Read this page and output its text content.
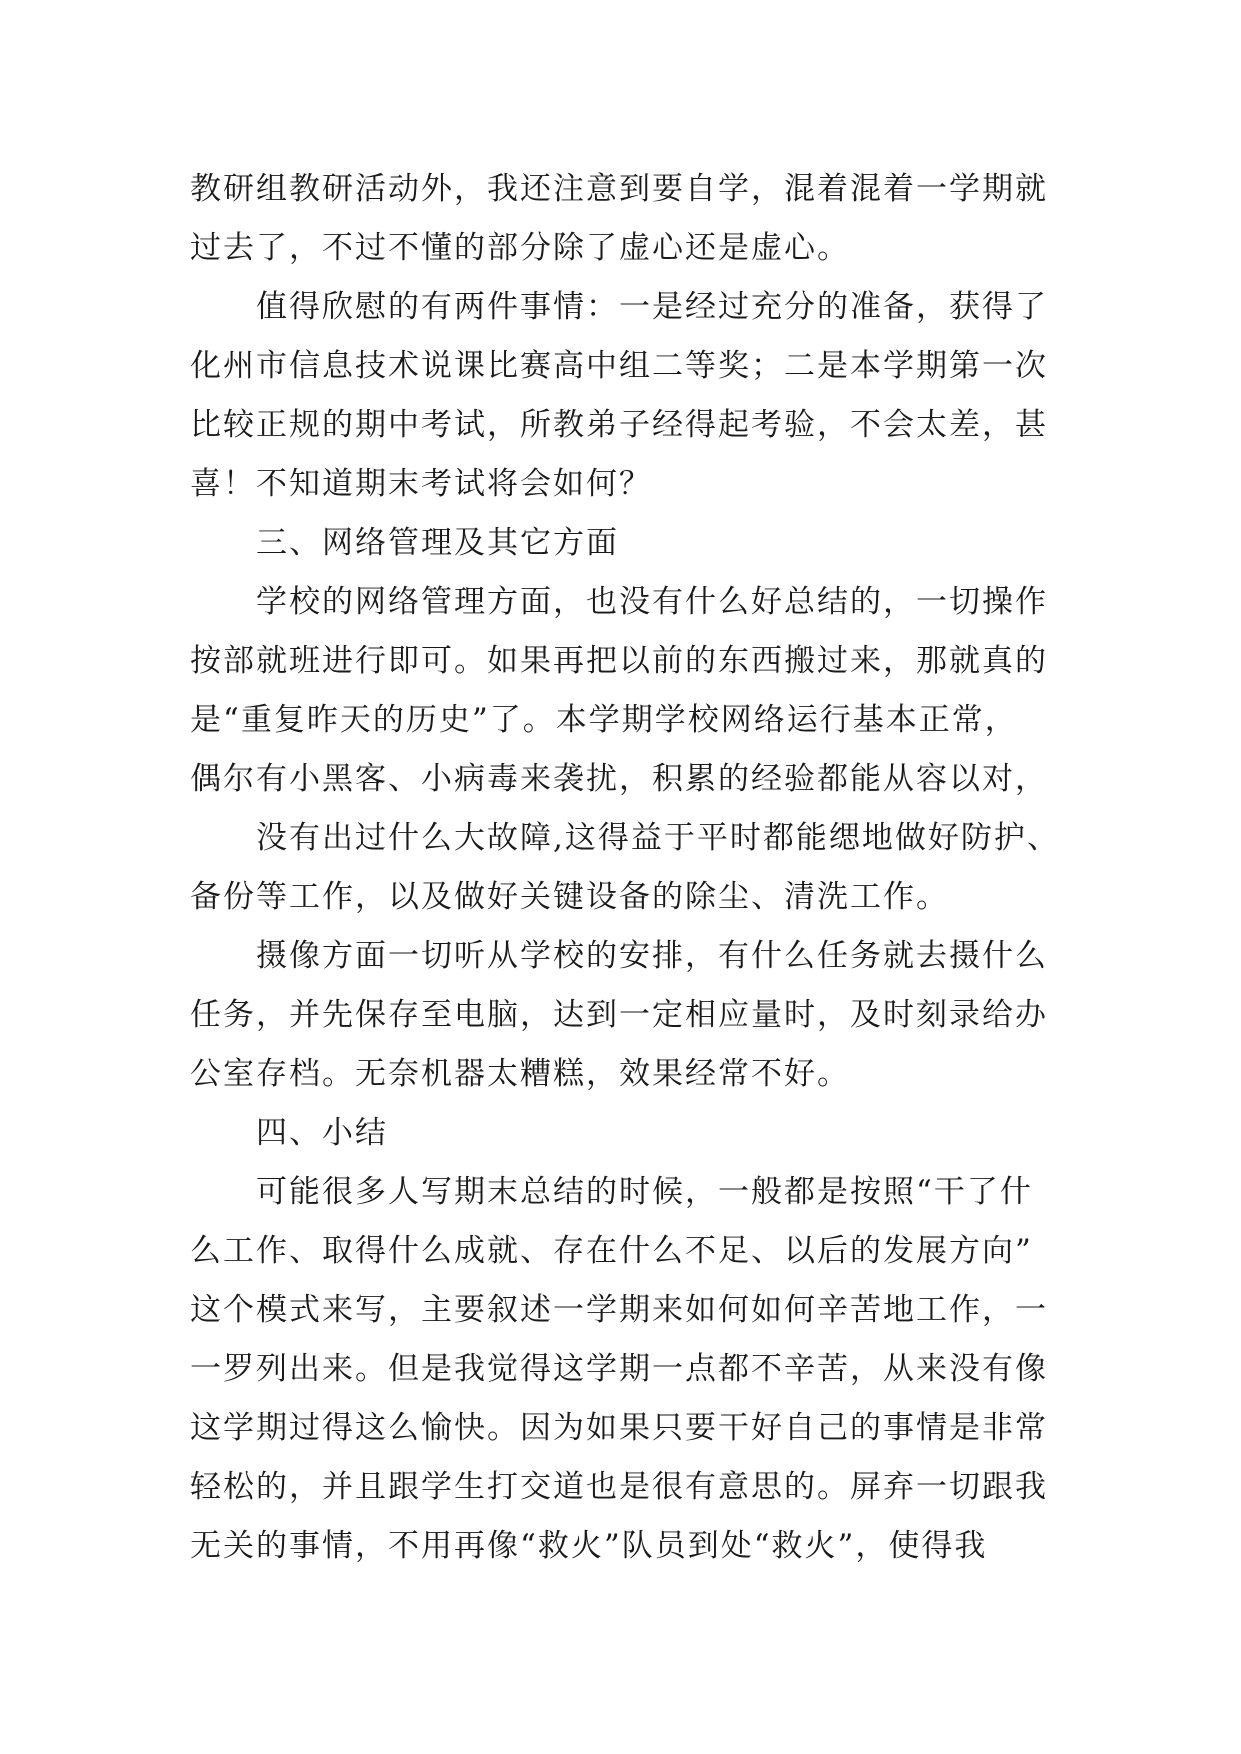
教研组教研活动外，我还注意到要自学，混着混着一学期就
过去了，不过不懂的部分除了虚心还是虚心。
值得欣慰的有两件事情：一是经过充分的准备，获得了
化州市信息技术说课比赛高中组二等奖；二是本学期第一次
比较正规的期中考试，所教弟子经得起考验，不会太差，甚
喜！不知道期末考试将会如何？
三、网络管理及其它方面
学校的网络管理方面，也没有什么好总结的，一切操作
按部就班进行即可。如果再把以前的东西搬过来，那就真的
是“重复昨天的历史”了。本学期学校网络运行基本正常，
偶尔有小黑客、小病毒来袭扰，积累的经验都能从容以对，
没有出过什么大故障,这得益于平时都能缌地做好防护、
备份等工作，以及做好关键设备的除尘、清洗工作。
摄像方面一切听从学校的安排，有什么任务就去摄什么
任务，并先保存至电脑，达到一定相应量时，及时刻录给办
公室存档。无奈机器太糟糕，效果经常不好。
四、小结
可能很多人写期末总结的时候，一般都是按照“干了什
么工作、取得什么成就、存在什么不足、以后的发展方向”
这个模式来写，主要叙述一学期来如何如何辛苦地工作，一
一罗列出来。但是我觉得这学期一点都不辛苦，从来没有像
这学期过得这么愉快。因为如果只要干好自己的事情是非常
轻松的，并且跟学生打交道也是很有意思的。屏弃一切跟我
无关的事情，不用再像“救火”队员到处“救火”，使得我
